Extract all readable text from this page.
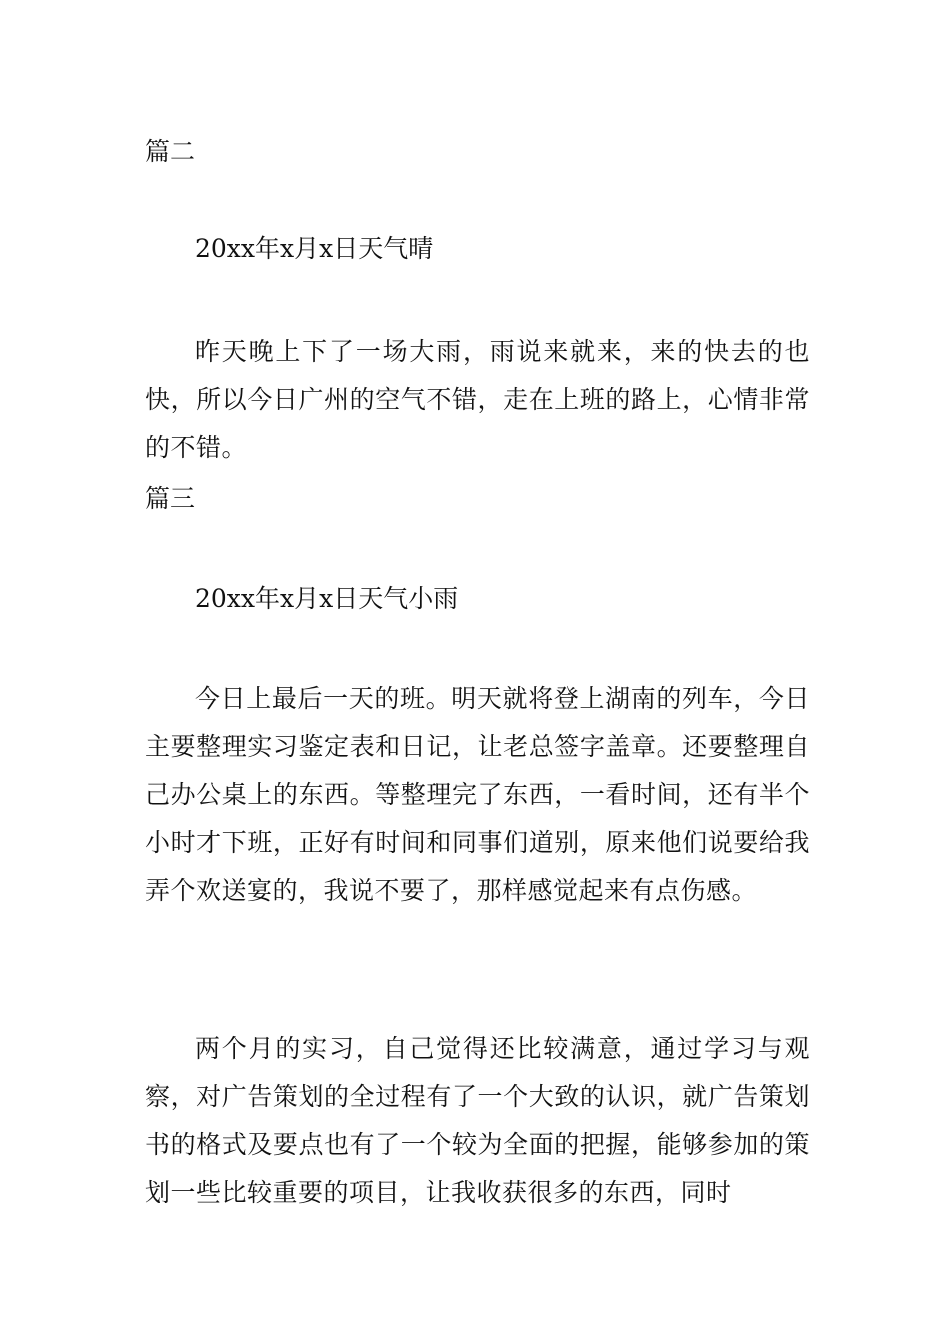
篇二
20xx年x月x日天气晴
昨天晚上下了一场大雨，雨说来就来，来的快去的也快，所以今日广州的空气不错，走在上班的路上，心情非常的不错。
篇三
20xx年x月x日天气小雨
今日上最后一天的班。明天就将登上湖南的列车，今日主要整理实习鉴定表和日记，让老总签字盖章。还要整理自己办公桌上的东西。等整理完了东西，一看时间，还有半个小时才下班，正好有时间和同事们道别，原来他们说要给我弄个欢送宴的，我说不要了，那样感觉起来有点伤感。
两个月的实习，自己觉得还比较满意，通过学习与观察，对广告策划的全过程有了一个大致的认识，就广告策划书的格式及要点也有了一个较为全面的把握，能够参加的策划一些比较重要的项目，让我收获很多的东西，同时
